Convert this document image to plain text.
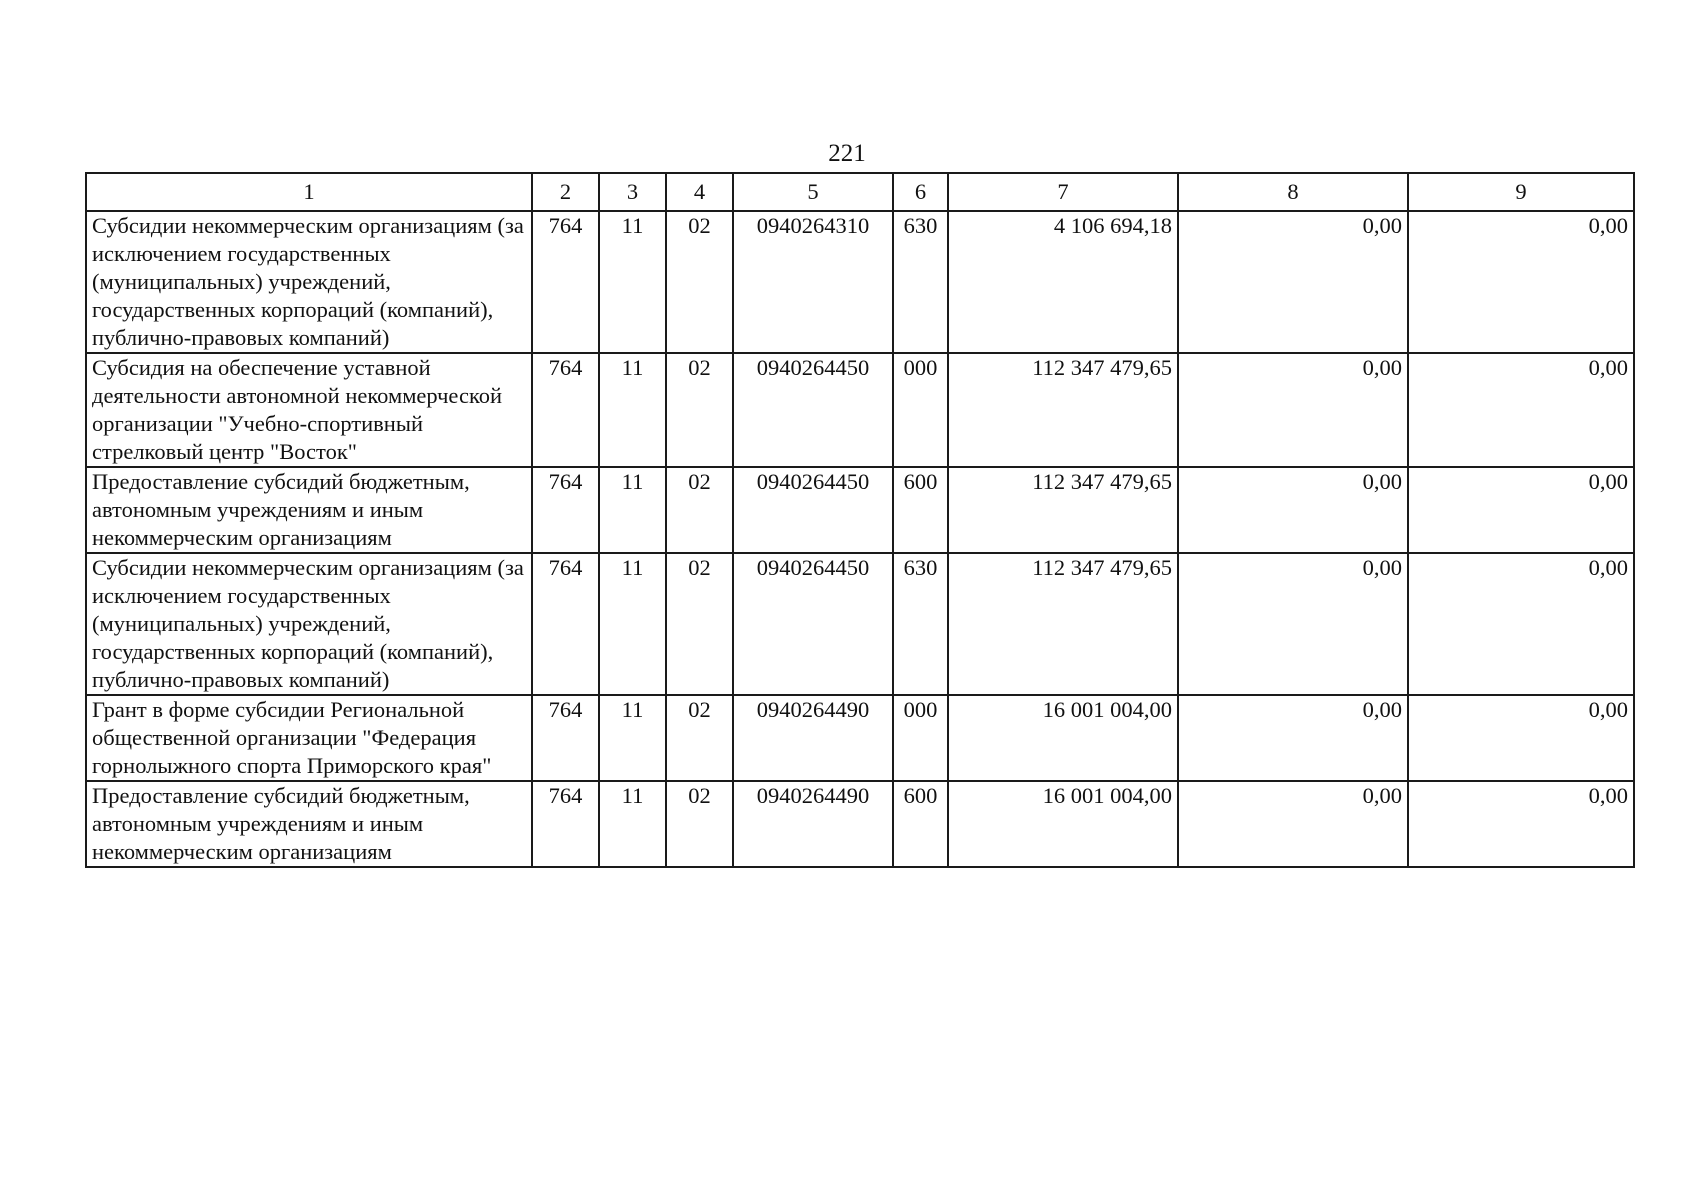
221
1	2	3	4	5	6	7	8	9
Субсидии некоммерческим организациям (за исключением государственных (муниципальных) учреждений, государственных корпораций (компаний), публично-правовых компаний)	764	11	02	0940264310	630	4 106 694,18	0,00	0,00
Субсидия на обеспечение уставной деятельности автономной некоммерческой организации "Учебно-спортивный стрелковый центр "Восток"	764	11	02	0940264450	000	112 347 479,65	0,00	0,00
Предоставление субсидий бюджетным, автономным учреждениям и иным некоммерческим организациям	764	11	02	0940264450	600	112 347 479,65	0,00	0,00
Субсидии некоммерческим организациям (за исключением государственных (муниципальных) учреждений, государственных корпораций (компаний), публично-правовых компаний)	764	11	02	0940264450	630	112 347 479,65	0,00	0,00
Грант в форме субсидии Региональной общественной организации "Федерация горнолыжного спорта Приморского края"	764	11	02	0940264490	000	16 001 004,00	0,00	0,00
Предоставление субсидий бюджетным, автономным учреждениям и иным некоммерческим организациям	764	11	02	0940264490	600	16 001 004,00	0,00	0,00
